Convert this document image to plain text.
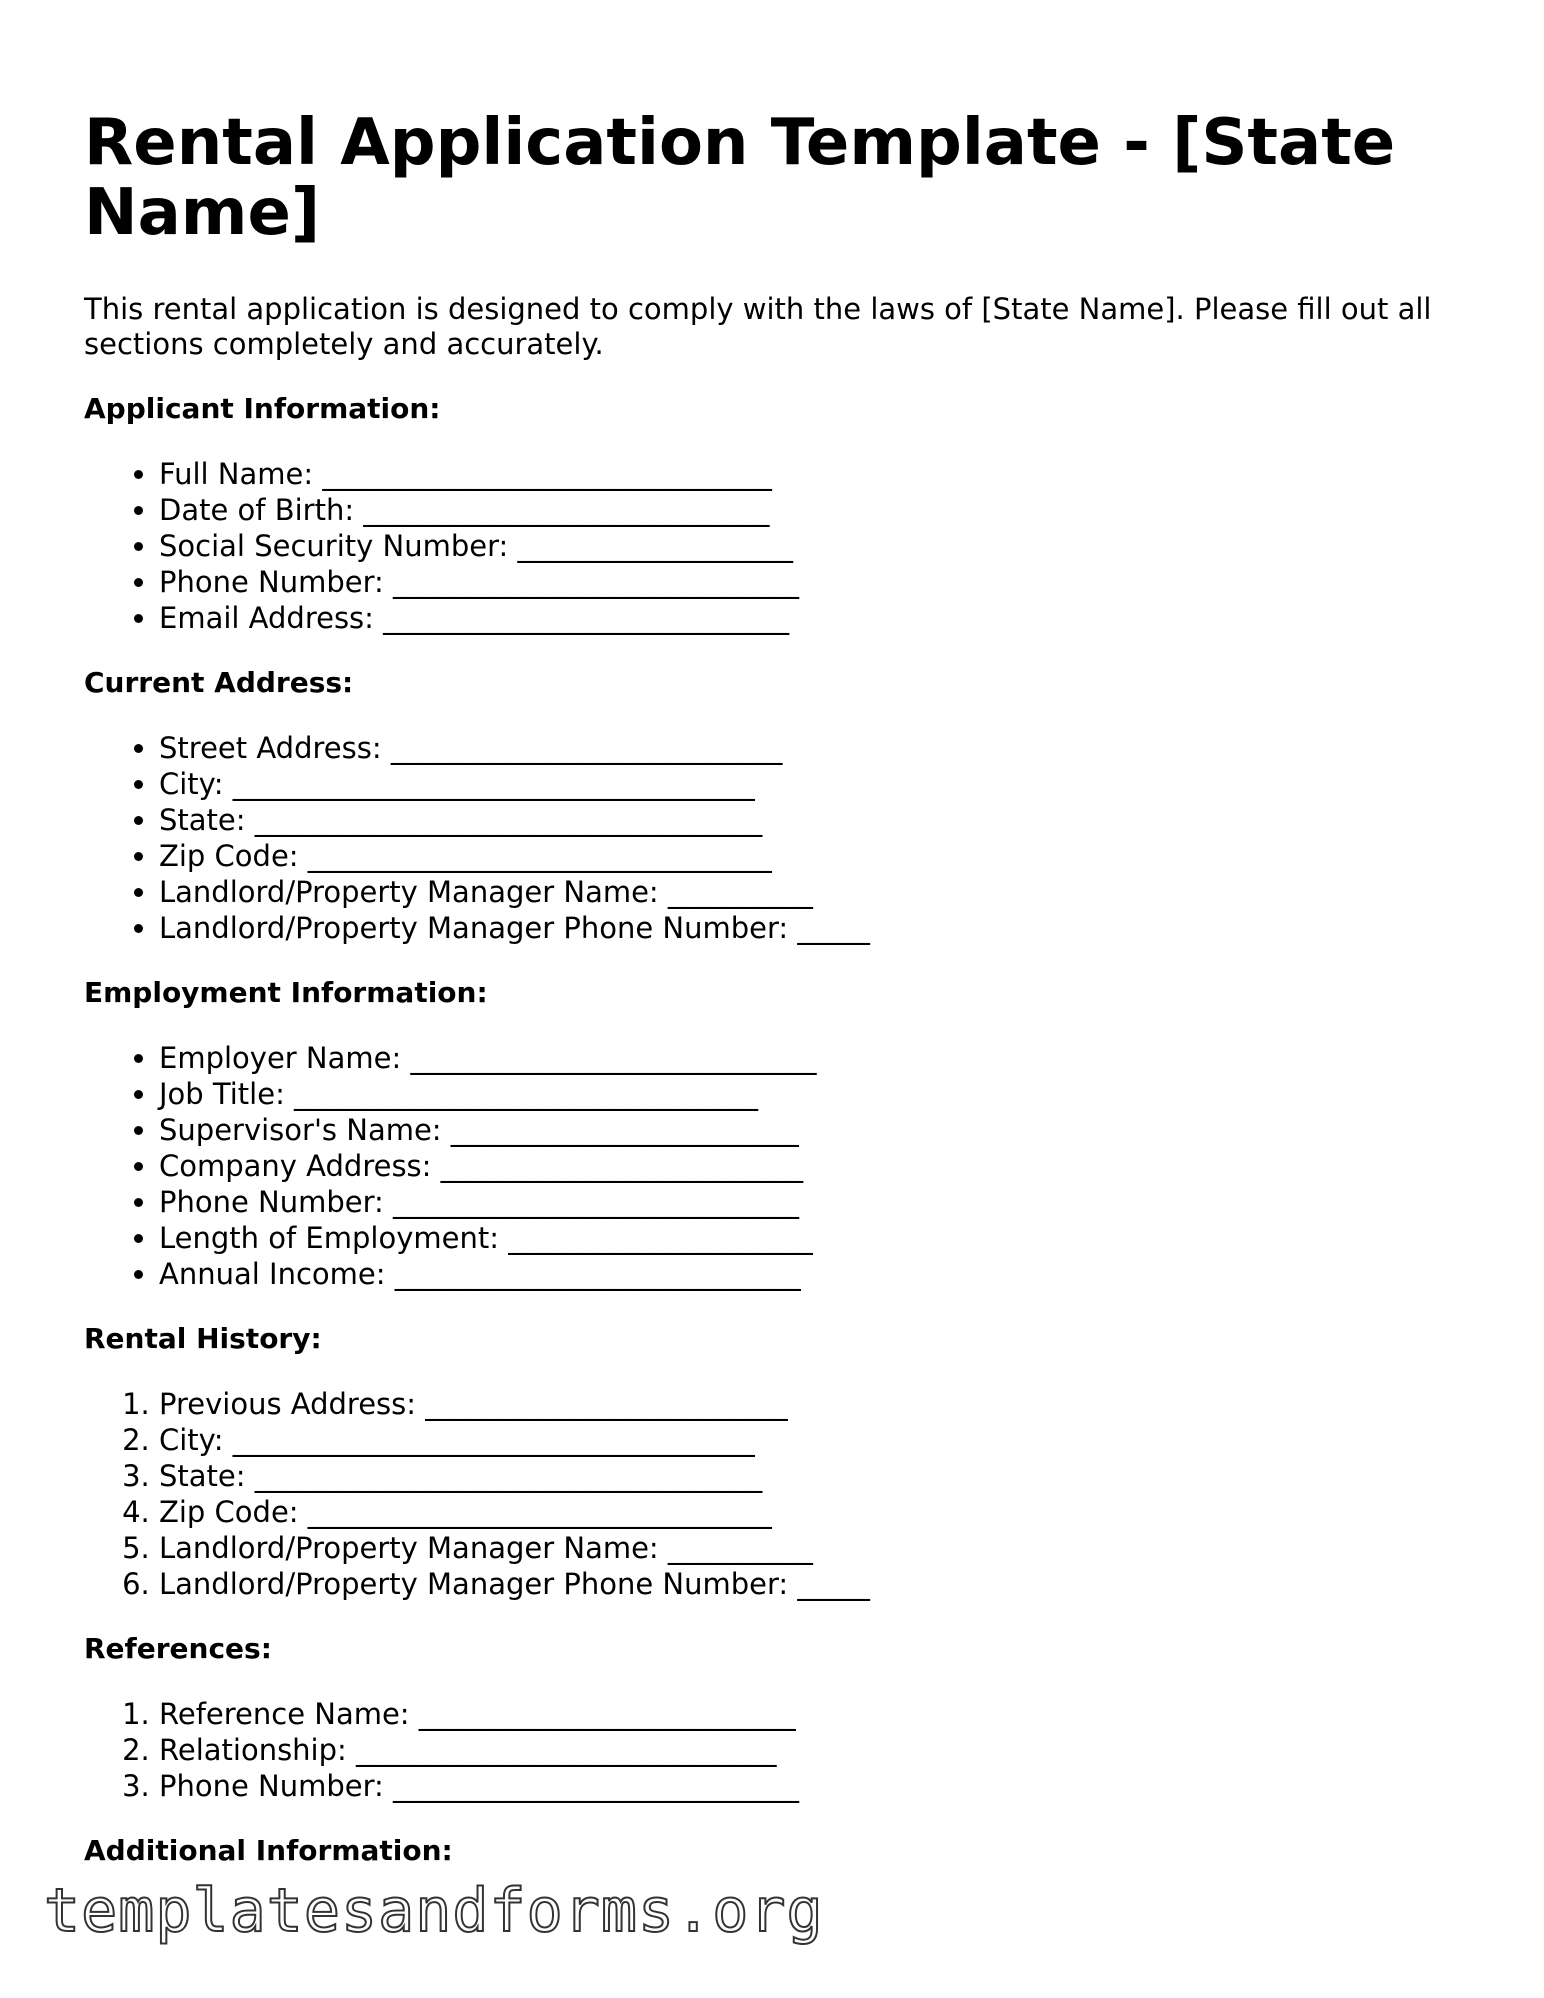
Rental Application Template - [State Name]

This rental application is designed to comply with the laws of [State Name]. Please fill out all sections completely and accurately.

Applicant Information:
• Full Name: _______________________________
• Date of Birth: ____________________________
• Social Security Number: ___________________
• Phone Number: ____________________________
• Email Address: ____________________________
Current Address:
• Street Address: ___________________________
• City: ____________________________________
• State: ___________________________________
• Zip Code: ________________________________
• Landlord/Property Manager Name: __________
• Landlord/Property Manager Phone Number: _____
Employment Information:
• Employer Name: ____________________________
• Job Title: ________________________________
• Supervisor's Name: ________________________
• Company Address: _________________________
• Phone Number: ____________________________
• Length of Employment: _____________________
• Annual Income: ____________________________
Rental History:
1. Previous Address: _________________________
2. City: ____________________________________
3. State: ___________________________________
4. Zip Code: ________________________________
5. Landlord/Property Manager Name: __________
6. Landlord/Property Manager Phone Number: _____
References:
1. Reference Name: __________________________
2. Relationship: _____________________________
3. Phone Number: ____________________________
Additional Information:
templatesandforms.org
